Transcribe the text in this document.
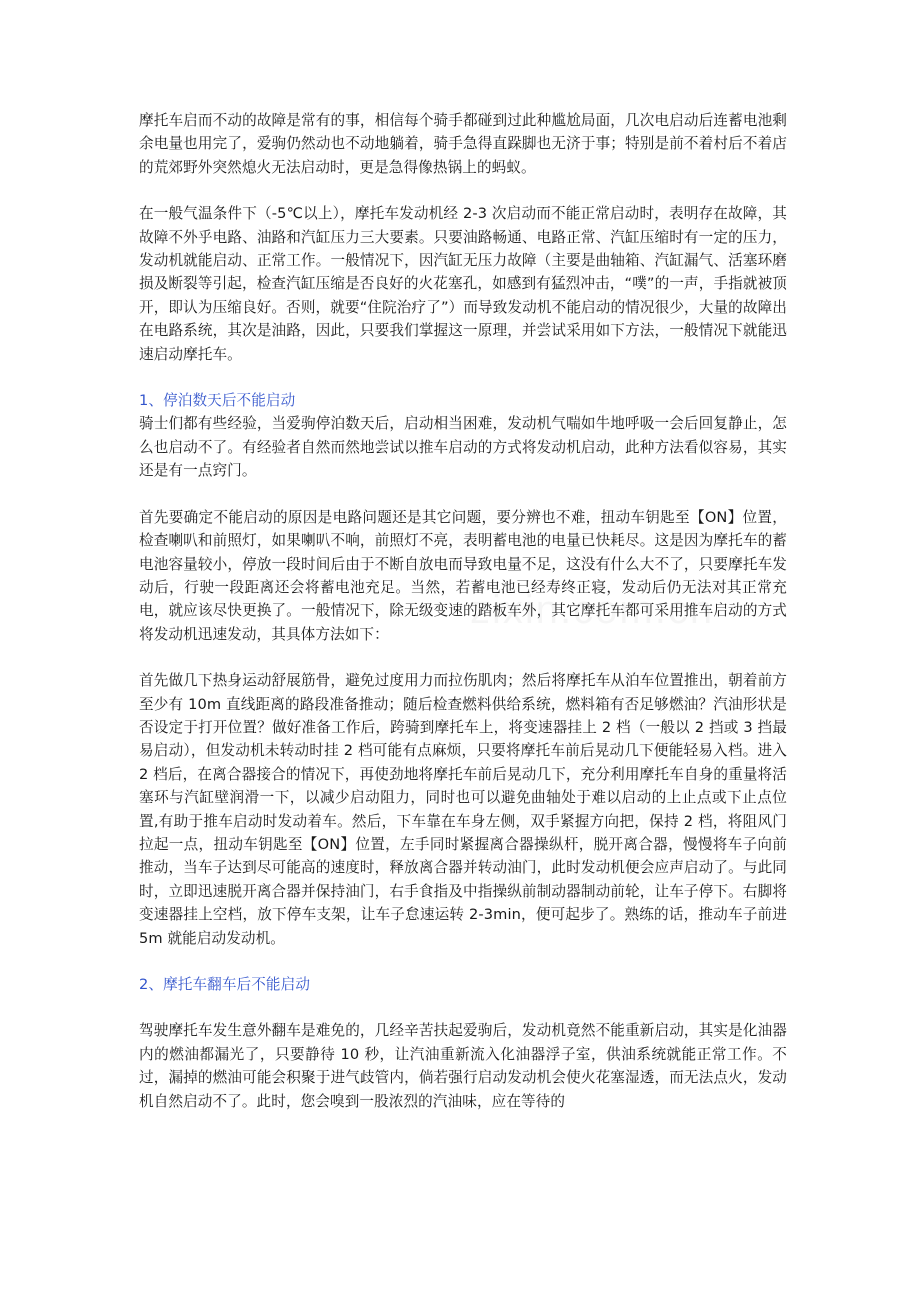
摩托车启而不动的故障是常有的事，相信每个骑手都碰到过此种尴尬局面，几次电启动后连蓄电池剩余电量也用完了，爱驹仍然动也不动地躺着，骑手急得直跺脚也无济于事；特别是前不着村后不着店的荒郊野外突然熄火无法启动时，更是急得像热锅上的蚂蚁。

在一般气温条件下（-5℃以上），摩托车发动机经 2-3 次启动而不能正常启动时，表明存在故障，其故障不外乎电路、油路和汽缸压力三大要素。只要油路畅通、电路正常、汽缸压缩时有一定的压力，发动机就能启动、正常工作。一般情况下，因汽缸无压力故障（主要是曲轴箱、汽缸漏气、活塞环磨损及断裂等引起，检查汽缸压缩是否良好的火花塞孔，如感到有猛烈冲击，“噗”的一声，手指就被顶开，即认为压缩良好。否则，就要“住院治疗了”）而导致发动机不能启动的情况很少，大量的故障出在电路系统，其次是油路，因此，只要我们掌握这一原理，并尝试采用如下方法，一般情况下就能迅速启动摩托车。

1、停泊数天后不能启动

骑士们都有些经验，当爱驹停泊数天后，启动相当困难，发动机气喘如牛地呼吸一会后回复静止，怎么也启动不了。有经验者自然而然地尝试以推车启动的方式将发动机启动，此种方法看似容易，其实还是有一点窍门。

首先要确定不能启动的原因是电路问题还是其它问题，要分辨也不难，扭动车钥匙至【ON】位置，检查喇叭和前照灯，如果喇叭不响，前照灯不亮，表明蓄电池的电量已快耗尽。这是因为摩托车的蓄电池容量较小，停放一段时间后由于不断自放电而导致电量不足，这没有什么大不了，只要摩托车发动后，行驶一段距离还会将蓄电池充足。当然，若蓄电池已经寿终正寝，发动后仍无法对其正常充电，就应该尽快更换了。一般情况下，除无级变速的踏板车外，其它摩托车都可采用推车启动的方式将发动机迅速发动，其具体方法如下：

首先做几下热身运动舒展筋骨，避免过度用力而拉伤肌肉；然后将摩托车从泊车位置推出，朝着前方至少有 10m 直线距离的路段准备推动；随后检查燃料供给系统，燃料箱有否足够燃油？汽油形状是否设定于打开位置？做好准备工作后，跨骑到摩托车上，将变速器挂上 2 档（一般以 2 挡或 3 挡最易启动），但发动机未转动时挂 2 档可能有点麻烦，只要将摩托车前后晃动几下便能轻易入档。进入 2 档后，在离合器接合的情况下，再使劲地将摩托车前后晃动几下，充分利用摩托车自身的重量将活塞环与汽缸壁润滑一下，以减少启动阻力，同时也可以避免曲轴处于难以启动的上止点或下止点位置,有助于推车启动时发动着车。然后，下车靠在车身左侧，双手紧握方向把，保持 2 档，将阻风门拉起一点，扭动车钥匙至【ON】位置，左手同时紧握离合器操纵杆，脱开离合器，慢慢将车子向前推动，当车子达到尽可能高的速度时，释放离合器并转动油门，此时发动机便会应声启动了。与此同时，立即迅速脱开离合器并保持油门，右手食指及中指操纵前制动器制动前轮，让车子停下。右脚将变速器挂上空档，放下停车支架，让车子怠速运转 2-3min，便可起步了。熟练的话，推动车子前进 5m 就能启动发动机。

2、摩托车翻车后不能启动

驾驶摩托车发生意外翻车是难免的，几经辛苦扶起爱驹后，发动机竟然不能重新启动，其实是化油器内的燃油都漏光了，只要静待 10 秒，让汽油重新流入化油器浮子室，供油系统就能正常工作。不过，漏掉的燃油可能会积聚于进气歧管内，倘若强行启动发动机会使火花塞湿透，而无法点火，发动机自然启动不了。此时，您会嗅到一股浓烈的汽油味，应在等待的
